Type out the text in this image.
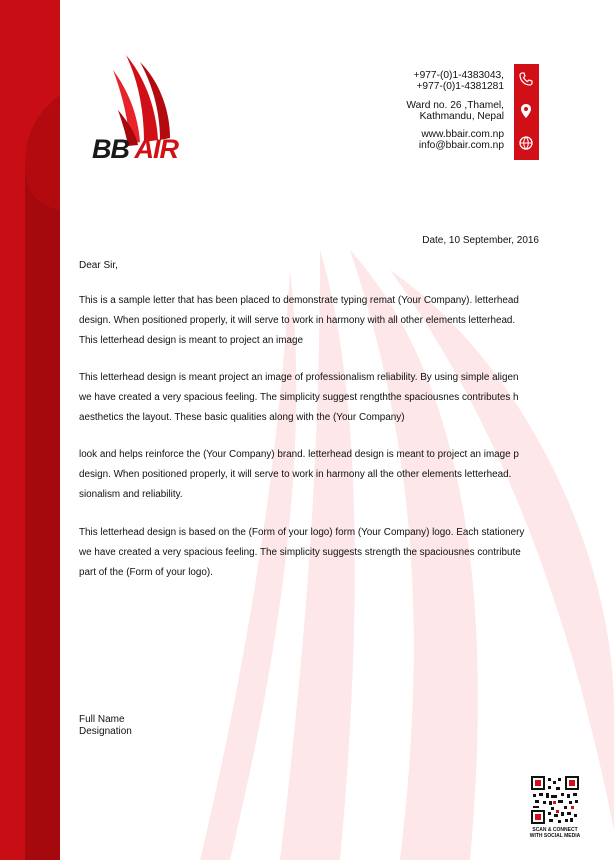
BB AIR
+977-(0)1-4383043,
+977-(0)1-4381281
Ward no. 26 ,Thamel,
Kathmandu, Nepal
www.bbair.com.np
info@bbair.com.np
Date, 10 September, 2016
Dear Sir,
This is a sample letter that has been placed to demonstrate typing remat (Your Company). letterhead
design. When positioned properly, it will serve to work in harmony with all other elements letterhead.
This letterhead design is meant to project an image
This letterhead design is meant project an image of professionalism reliability. By using simple aligen
we have created a very spacious feeling. The simplicity suggest rengththe spaciousnes contributes h
aesthetics the layout. These basic qualities along with the (Your Company)
look and helps reinforce the (Your Company) brand. letterhead design is meant to project an image p
design. When positioned properly, it will serve to work in harmony all the other elements letterhead.
sionalism and reliability.
This letterhead design is based on the (Form of your logo) form (Your Company) logo. Each stationery
we have created a very spacious feeling. The simplicity suggests strength the spaciousnes contribute
part of the (Form of your logo).
Full Name
Designation
SCAN & CONNECT
WITH SOCIAL MEDIA
